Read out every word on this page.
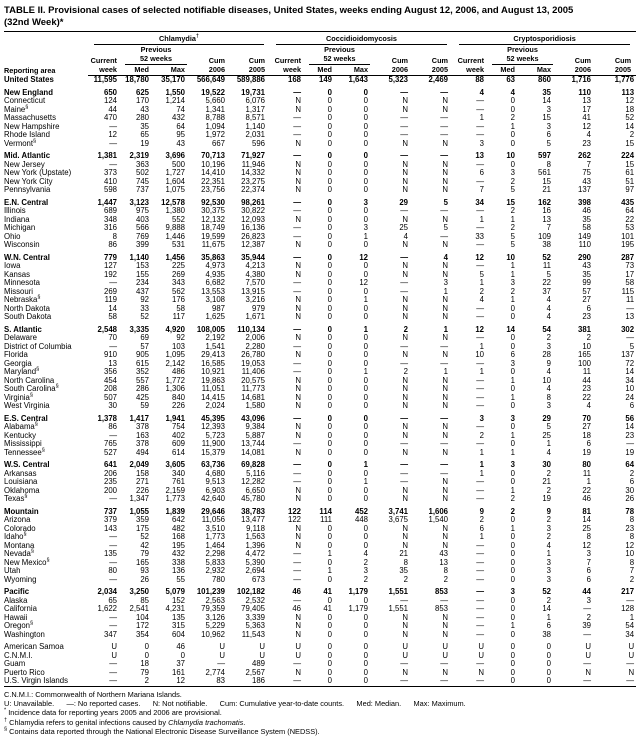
TABLE II. Provisional cases of selected notifiable diseases, United States, weeks ending August 12, 2006, and August 13, 2005
(32nd Week)*
Reporting area	Chlamydia†					Coccidioidomycosis					Cryptosporidiosis				

		Previous					Previous					Previous			
	Current	52 weeks		Cum	Cum	Current	52 weeks		Cum	Cum	Current	52 weeks		Cum	Cum
	week	Med	Max	2006	2005	week	Med	Max	2006	2005	week	Med	Max	2006	2005
United States	11,595	18,780	35,170	566,649	589,886	168	149	1,643	5,323	2,469	88	63	860	1,716	1,776
New England	650	625	1,550	19,522	19,731	—	0	0	—	—	4	4	35	110	113
Connecticut	124	170	1,214	5,660	6,076	N	0	0	N	N	—	0	14	13	12
Maine§	44	43	74	1,341	1,317	N	0	0	N	N	—	0	3	17	18
Massachusetts	470	280	432	8,788	8,571	—	0	0	—	—	1	2	15	41	52
New Hampshire	—	35	64	1,094	1,140	—	0	0	—	—	—	1	3	12	14
Rhode Island	12	65	95	1,972	2,031	—	0	0	—	—	—	0	6	4	2
Vermont§	—	19	43	667	596	N	0	0	N	N	3	0	5	23	15
Mid. Atlantic	1,381	2,319	3,696	70,713	71,927	—	0	0	—	—	13	10	597	262	224
New Jersey	—	363	500	10,196	11,946	N	0	0	N	N	—	0	8	7	15
New York (Upstate)	373	502	1,727	14,410	14,332	N	0	0	N	N	6	3	561	75	61
New York City	410	745	1,604	22,351	23,275	N	0	0	N	N	—	2	15	43	51
Pennsylvania	598	737	1,075	23,756	22,374	N	0	0	N	N	7	5	21	137	97
E.N. Central	1,447	3,123	12,578	92,530	98,261	—	0	3	29	5	34	15	162	398	435
Illinois	689	975	1,380	30,375	30,822	—	0	0	—	—	—	2	16	46	64
Indiana	348	403	552	12,132	12,093	N	0	0	N	N	1	1	13	35	22
Michigan	316	566	9,888	18,749	16,136	—	0	3	25	5	—	2	7	58	53
Ohio	8	769	1,446	19,599	26,823	—	0	1	4	—	33	5	109	149	101
Wisconsin	86	399	531	11,675	12,387	N	0	0	N	N	—	5	38	110	195
W.N. Central	779	1,140	1,456	35,863	35,944	—	0	12	—	4	12	10	52	290	287
Iowa	127	153	225	4,973	4,213	N	0	0	N	N	—	1	11	43	73
Kansas	192	155	269	4,935	4,380	N	0	0	N	N	5	1	5	35	17
Minnesota	—	234	343	6,682	7,570	—	0	12	—	3	1	3	22	99	58
Missouri	269	437	562	13,553	13,915	—	0	0	—	1	2	2	37	57	115
Nebraska§	119	92	176	3,108	3,216	N	0	1	N	N	4	1	4	27	11
North Dakota	14	33	58	987	979	N	0	0	N	N	—	0	4	6	—
South Dakota	58	52	117	1,625	1,671	N	0	0	N	N	—	0	4	23	13
S. Atlantic	2,548	3,335	4,920	108,005	110,134	—	0	1	2	1	12	14	54	381	302
Delaware	70	69	92	2,192	2,006	N	0	0	N	N	—	0	2	2	—
District of Columbia	—	57	103	1,541	2,280	—	0	0	—	—	1	0	3	10	5
Florida	910	905	1,095	29,413	26,780	N	0	0	N	N	10	6	28	165	137
Georgia	13	615	2,142	16,585	19,053	—	0	0	—	—	—	3	9	100	72
Maryland§	356	352	486	10,921	11,406	—	0	1	2	1	1	0	4	11	14
North Carolina	454	557	1,772	19,863	20,575	N	0	0	N	N	—	1	10	44	34
South Carolina§	208	286	1,306	11,051	11,773	N	0	0	N	N	—	0	4	23	10
Virginia§	507	425	840	14,415	14,681	N	0	0	N	N	—	1	8	22	24
West Virginia	30	59	226	2,024	1,580	N	0	0	N	N	—	0	3	4	6
E.S. Central	1,378	1,417	1,941	45,395	43,096	—	0	0	—	—	3	3	29	70	56
Alabama§	86	378	754	12,393	9,384	N	0	0	N	N	—	0	5	27	14
Kentucky	—	163	402	5,723	5,887	N	0	0	N	N	2	1	25	18	23
Mississippi	765	378	609	11,900	13,744	—	0	0	—	—	—	0	1	6	—
Tennessee§	527	494	614	15,379	14,081	N	0	0	N	N	1	1	4	19	19
W.S. Central	641	2,049	3,605	63,736	69,828	—	0	1	—	—	1	3	30	80	64
Arkansas	206	158	340	4,680	5,116	—	0	0	—	—	1	0	2	11	2
Louisiana	235	271	761	9,513	12,282	—	0	1	—	N	—	0	21	1	6
Oklahoma	200	226	2,159	6,903	6,650	N	0	0	N	N	—	1	2	22	30
Texas§	—	1,347	1,773	42,640	45,780	N	0	0	N	N	—	2	19	46	26
Mountain	737	1,055	1,839	29,646	38,783	122	114	452	3,741	1,606	9	2	9	81	78
Arizona	379	359	642	11,056	13,477	122	111	448	3,675	1,540	2	0	2	14	8
Colorado	143	175	482	3,510	9,118	N	0	0	N	N	6	1	3	25	23
Idaho§	—	52	168	1,773	1,563	N	0	0	N	N	1	0	2	8	8
Montana	—	42	195	1,464	1,396	N	0	0	N	N	—	0	4	12	12
Nevada§	135	79	432	2,298	4,472	—	1	4	21	43	—	0	1	3	10
New Mexico§	—	165	338	5,833	5,390	—	0	2	8	13	—	0	3	7	8
Utah	80	93	136	2,932	2,694	—	1	3	35	8	—	0	3	6	7
Wyoming	—	26	55	780	673	—	0	2	2	2	—	0	3	6	2
Pacific	2,034	3,250	5,079	101,239	102,182	46	41	1,179	1,551	853	—	3	52	44	217
Alaska	65	85	152	2,563	2,532	—	0	0	—	—	—	0	2	3	—
California	1,622	2,541	4,231	79,359	79,405	46	41	1,179	1,551	853	—	0	14	—	128
Hawaii	—	104	135	3,126	3,339	N	0	0	N	N	—	0	1	2	1
Oregon§	—	172	315	5,229	5,363	N	0	0	N	N	—	1	6	39	54
Washington	347	354	604	10,962	11,543	N	0	0	N	N	—	0	38	—	34
American Samoa	U	0	46	U	U	U	0	0	U	U	U	0	0	U	U
C.N.M.I.	U	0	0	U	U	U	0	0	U	U	U	0	0	U	U
Guam	—	18	37	—	489	—	0	0	—	—	—	0	0	—	—
Puerto Rico	—	79	161	2,774	2,567	N	0	0	N	N	N	0	0	N	N
U.S. Virgin Islands	—	2	12	83	186	—	0	0	—	—	—	0	0	—	—
C.N.M.I.: Commonwealth of Northern Mariana Islands.
U: Unavailable.      —: No reported cases.      N: Not notifiable.      Cum: Cumulative year-to-date counts.      Med: Median.      Max: Maximum.
* Incidence data for reporting years 2005 and 2006 are provisional.
† Chlamydia refers to genital infections caused by Chlamydia trachomatis.
§ Contains data reported through the National Electronic Disease Surveillance System (NEDSS).
